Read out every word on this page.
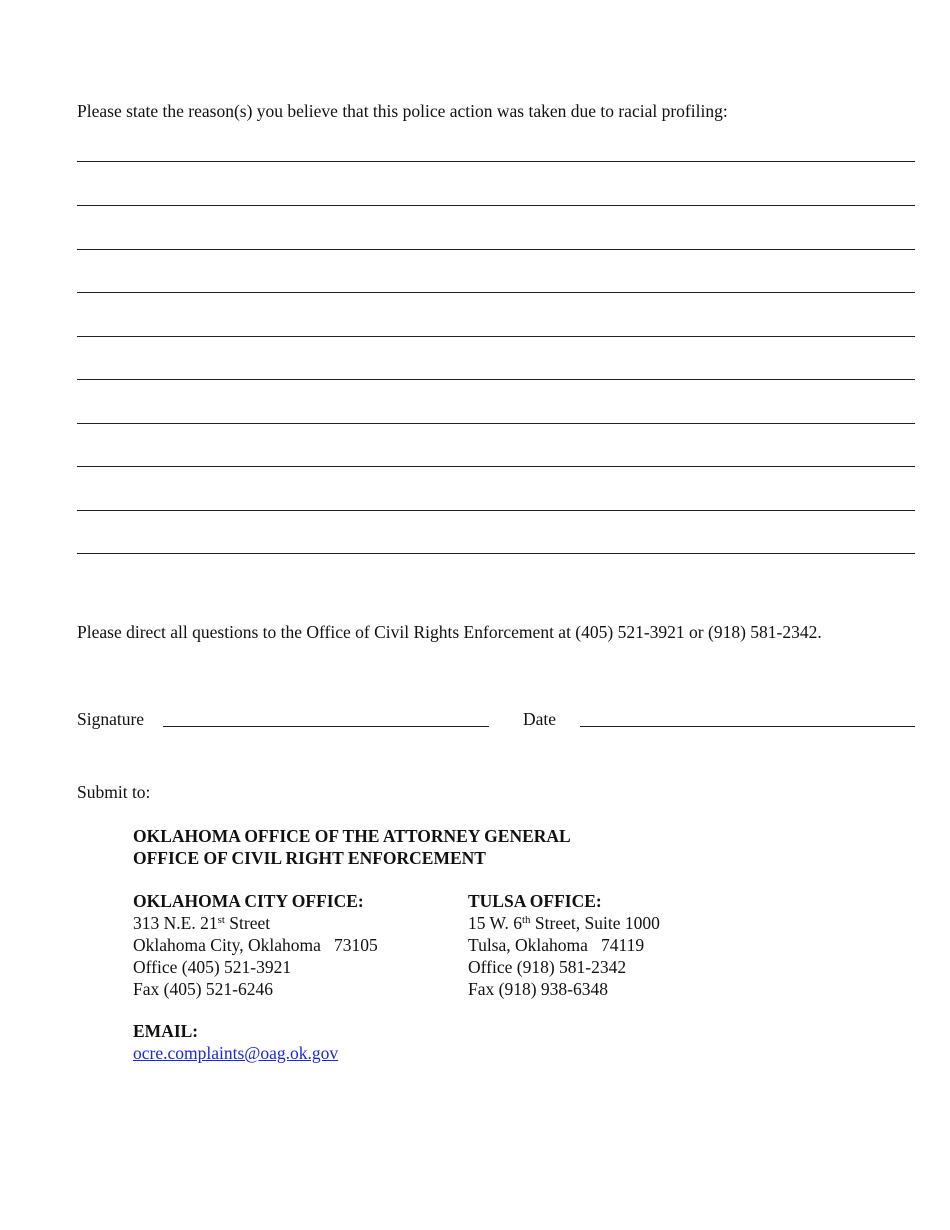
Please state the reason(s) you believe that this police action was taken due to racial profiling:
Please direct all questions to the Office of Civil Rights Enforcement at (405) 521-3921 or (918) 581-2342.
Signature	Date
Submit to:
OKLAHOMA OFFICE OF THE ATTORNEY GENERAL
OFFICE OF CIVIL RIGHT ENFORCEMENT
OKLAHOMA CITY OFFICE:
313 N.E. 21st Street
Oklahoma City, Oklahoma   73105
Office (405) 521-3921
Fax (405) 521-6246
TULSA OFFICE:
15 W. 6th Street, Suite 1000
Tulsa, Oklahoma   74119
Office (918) 581-2342
Fax (918) 938-6348
EMAIL:
ocre.complaints@oag.ok.gov
